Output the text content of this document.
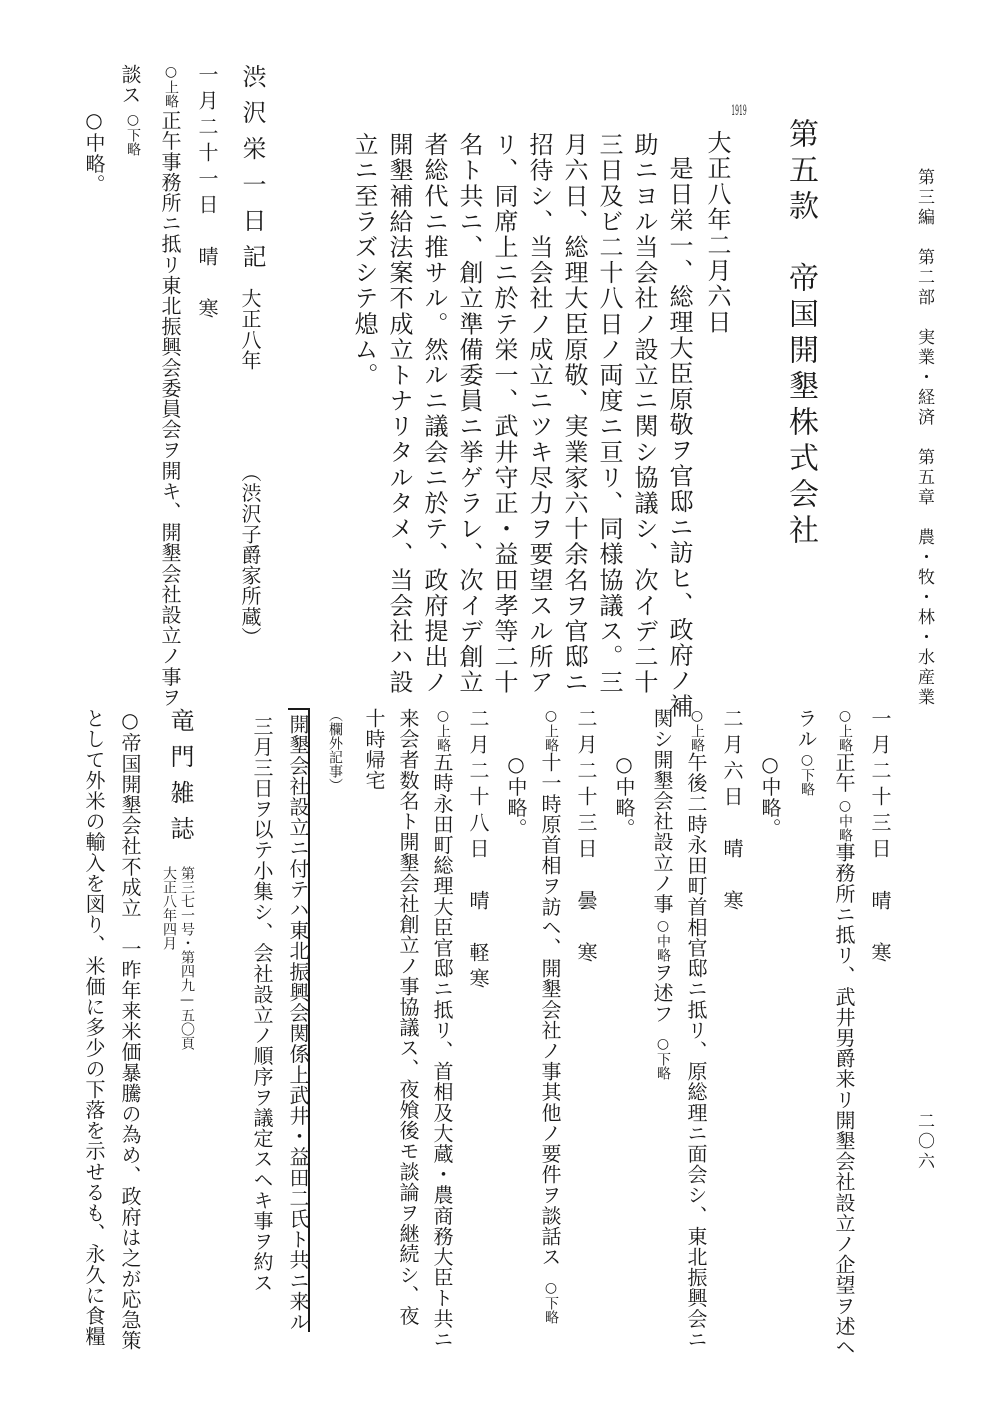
第三編　第二部　実業・経済　第五章　農・牧・林・水産業
二〇六
第五款　帝国開墾株式会社
1919
大正八年二月六日

是日栄一、総理大臣原敬ヲ官邸ニ訪ヒ、政府ノ補

助ニヨル当会社ノ設立ニ関シ協議シ、次イデ二十

三日及ビ二十八日ノ両度ニ亘リ、同様協議ス。三

月六日、総理大臣原敬、実業家六十余名ヲ官邸ニ

招待シ、当会社ノ成立ニツキ尽力ヲ要望スル所ア

リ、同席上ニ於テ栄一、武井守正・益田孝等二十

名ト共ニ、創立準備委員ニ挙ゲラレ、次イデ創立

者総代ニ推サル。然ルニ議会ニ於テ、政府提出ノ

開墾補給法案不成立トナリタルタメ、当会社ハ設

立ニ至ラズシテ熄ム。

渋沢栄一日記
大正八年
（渋沢子爵家所蔵）
一月二十一日　晴　寒
○上略
正午事務所ニ抵リ東北振興会委員会ヲ開キ、開墾会社設立ノ事ヲ
談ス
○下略
○中略。
一月二十三日　晴　寒
○上略
正午
○中略
事務所ニ抵リ、武井男爵来リ開墾会社設立ノ企望ヲ述ヘ
ラル
○下略
○中略。
二月六日　晴　寒
○上略
午後二時永田町首相官邸ニ抵リ、原総理ニ面会シ、東北振興会ニ
関シ開墾会社設立ノ事
○中略
ヲ述フ
○下略
○中略。
二月二十三日　曇　寒
○上略
十一時原首相ヲ訪ヘ、開墾会社ノ事其他ノ要件ヲ談話ス
○下略
○中略。
二月二十八日　晴　軽寒
○上略
五時永田町総理大臣官邸ニ抵リ、首相及大蔵・農商務大臣ト共ニ
来会者数名ト開墾会社創立ノ事協議ス、夜飧後モ談論ヲ継続シ、夜
十時帰宅
（欄外記事）
開墾会社設立ニ付テハ東北振興会関係上武井・益田二氏ト共ニ来ル
三月三日ヲ以テ小集シ、会社設立ノ順序ヲ議定スヘキ事ヲ約ス
竜門雑誌
第三七一号・第四九—五〇頁
大正八年四月

○帝国開墾会社不成立　一昨年来米価暴騰の為め、政府は之が応急策

として外米の輸入を図り、米価に多少の下落を示せるも、永久に食糧
